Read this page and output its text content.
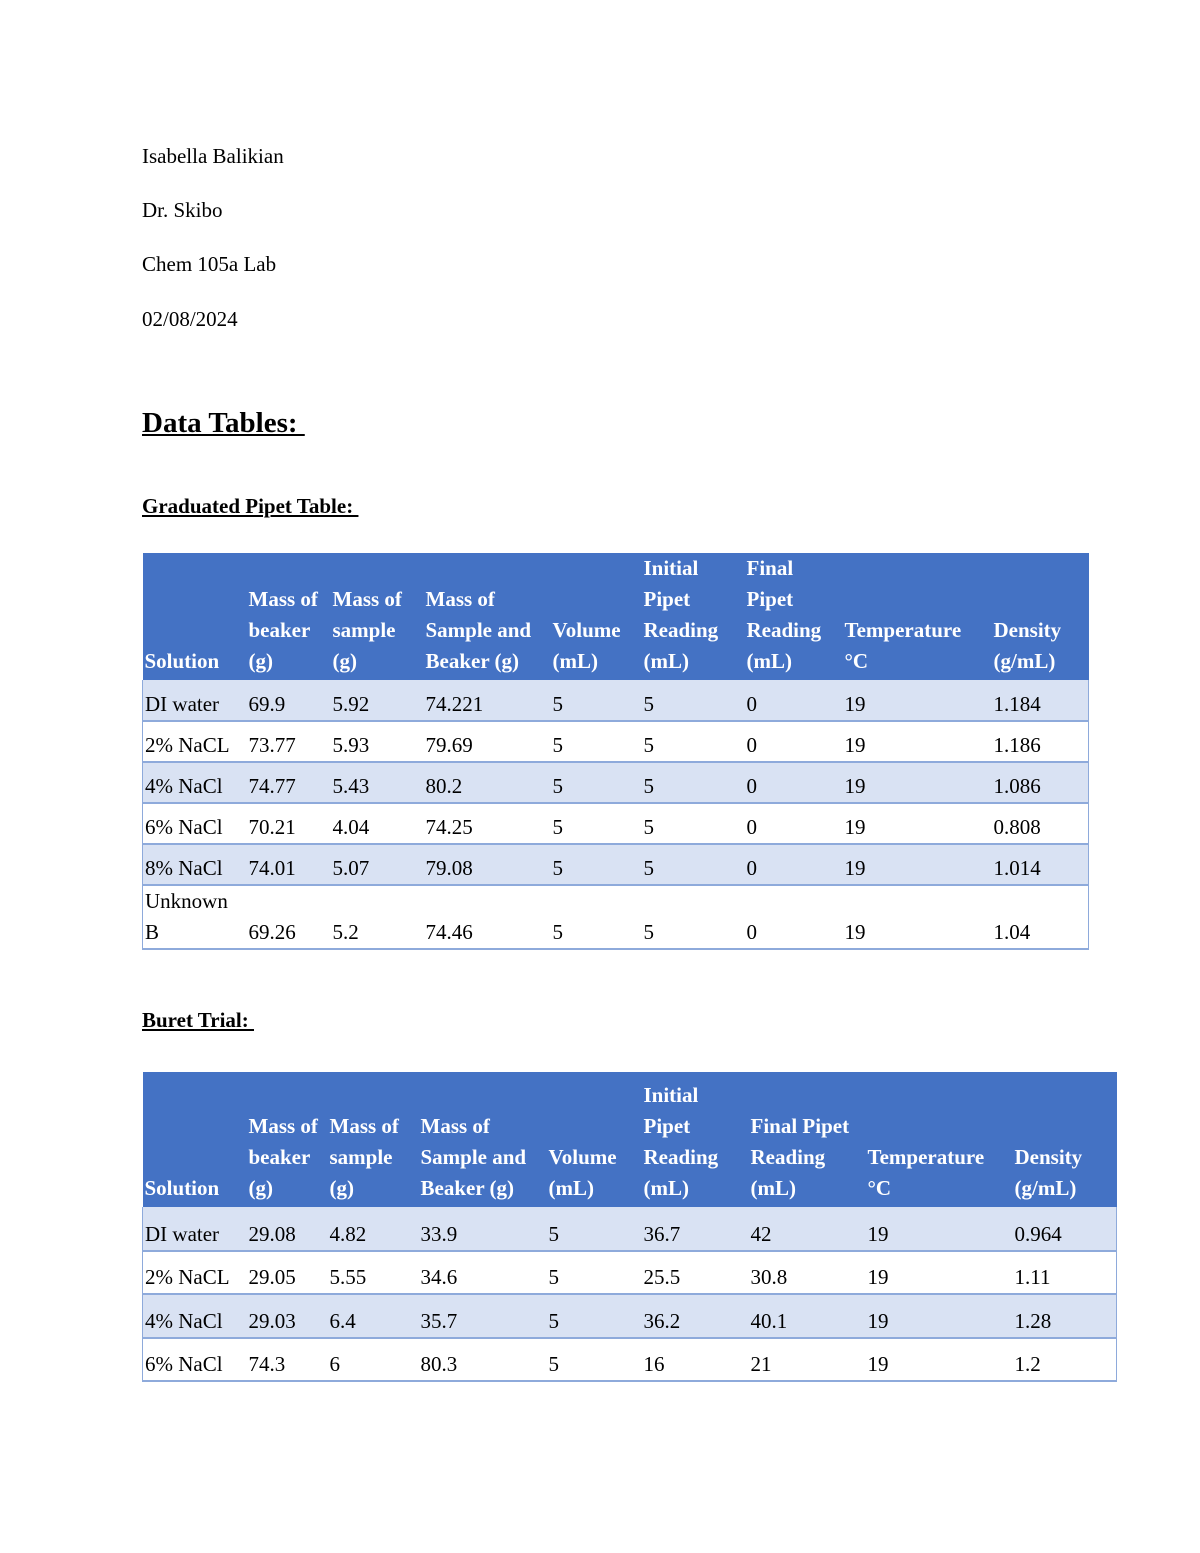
Isabella Balikian
Dr. Skibo
Chem 105a Lab
02/08/2024
Data Tables:
Graduated Pipet Table:
Solution	Mass of
beaker
(g)	Mass of
sample
(g)	Mass of
Sample and
Beaker (g)	Volume
(mL)	Initial
Pipet
Reading
(mL)	Final
Pipet
Reading
(mL)	Temperature
°C	Density
(g/mL)
DI water	69.9	5.92	74.221	5	5	0	19	1.184
2% NaCL	73.77	5.93	79.69	5	5	0	19	1.186
4% NaCl	74.77	5.43	80.2	5	5	0	19	1.086
6% NaCl	70.21	4.04	74.25	5	5	0	19	0.808
8% NaCl	74.01	5.07	79.08	5	5	0	19	1.014
Unknown B	69.26	5.2	74.46	5	5	0	19	1.04
Buret Trial:
Solution	Mass of
beaker
(g)	Mass of
sample
(g)	Mass of
Sample and
Beaker (g)	Volume
(mL)	Initial
Pipet
Reading
(mL)	Final Pipet
Reading
(mL)	Temperature
°C	Density
(g/mL)
DI water	29.08	4.82	33.9	5	36.7	42	19	0.964
2% NaCL	29.05	5.55	34.6	5	25.5	30.8	19	1.11
4% NaCl	29.03	6.4	35.7	5	36.2	40.1	19	1.28
6% NaCl	74.3	6	80.3	5	16	21	19	1.2
